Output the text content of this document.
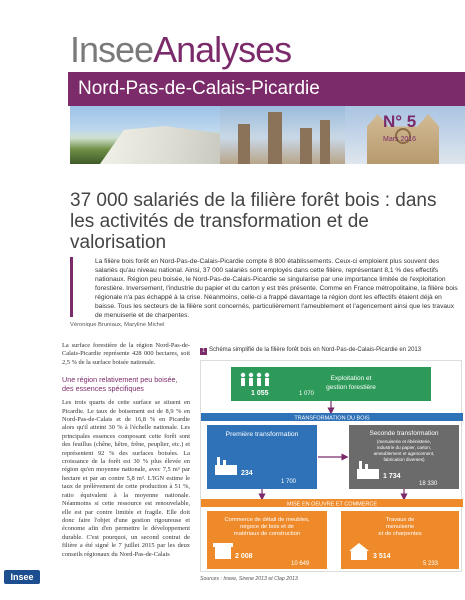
InseeAnalyses
Nord-Pas-de-Calais-Picardie
N° 5
Mars 2016
37 000 salariés de la filière forêt bois : dans les activités de transformation et de valorisation

La filière bois forêt en Nord-Pas-de-Calais-Picardie compte 8 800 établissements. Ceux-ci emploient plus souvent des salariés qu'au niveau national. Ainsi, 37 000 salariés sont employés dans cette filière, représentant 8,1 % des effectifs nationaux. Région peu boisée, le Nord-Pas-de-Calais-Picardie se singularise par une importance limitée de l'exploitation forestière. Inversement, l'industrie du papier et du carton y est très présente. Comme en France métropolitaine, la filière bois régionale n'a pas échappé à la crise. Néanmoins, celle-ci a frappé davantage la région dont les effectifs étaient déjà en baisse. Tous les secteurs de la filière sont concernés, particulièrement l'ameublement et l'agencement ainsi que les travaux de menuiserie et de charpentes.

Véronique Bruniaux, Maryline Michel

La surface forestière de la région Nord-Pas-de-Calais-Picardie représente 428 000 hectares, soit 2,5 % de la surface boisée nationale.

Une région relativement peu boisée, des essences spécifiques

Les trois quarts de cette surface se situent en Picardie. Le taux de boisement est de 8,9 % en Nord-Pas-de-Calais et de 16,8 % en Picardie alors qu'il atteint 30 % à l'échelle nationale. Les principales essences composant cette forêt sont des feuillus (chêne, hêtre, frêne, peuplier, etc.) et représentent 92 % des surfaces boisées. La croissance de la forêt est 30 % plus élevée en région qu'en moyenne nationale, avec 7,5 m³ par hectare et par an contre 5,8 m³. L'IGN estime le taux de prélèvement de cette production à 51 %, ratio équivalent à la moyenne nationale. Néanmoins si cette ressource est renouvelable, elle est par contre limitée et fragile. Elle doit donc faire l'objet d'une gestion rigoureuse et économe afin d'en permettre le développement durable. C'est pourquoi, un second contrat de filière a été signé le 7 juillet 2015 par les deux conseils régionaux du Nord-Pas-de-Calais

Insee
1 Schéma simplifié de la filière forêt bois en Nord-Pas-de-Calais-Picardie en 2013
1 055	1 070
Exploitation et
gestion forestière
TRANSFORMATION DU BOIS
Première transformation
234
1 700
Seconde transformation
(menuiserie et ébénisterie,
industrie du papier, carton,
ameublement et agencement,
fabrication diverses)
1 734
18 330
MISE EN OEUVRE ET COMMERCE
Commerce de détail de meubles,
négoce de bois et de
matériaux de construction
2 008
10 649
Travaux de
menuiserie
et de charpentes
3 514
5 233
Sources : Insee, Sirene 2013 et Clap 2013
